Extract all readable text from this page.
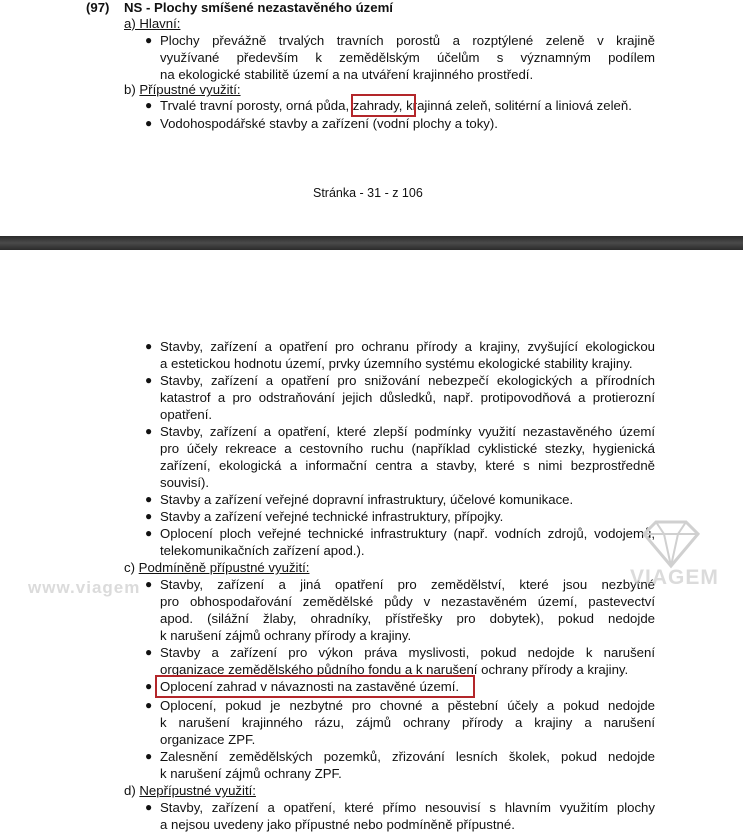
(97) NS - Plochy smíšené nezastavěného území
a) Hlavní:
● Plochy převážně trvalých travních porostů a rozptýlené zeleně v krajině
využívané především k zemědělským účelům s významným podílem
na ekologické stabilitě území a na utváření krajinného prostředí.
b) Přípustné využití:
● Trvalé travní porosty, orná půda, zahrady, krajinná zeleň, solitérní a liniová zeleň.
● Vodohospodářské stavby a zařízení (vodní plochy a toky).
Stránka - 31 - z 106
● Stavby, zařízení a opatření pro ochranu přírody a krajiny, zvyšující ekologickou
a estetickou hodnotu území, prvky územního systému ekologické stability krajiny.
● Stavby, zařízení a opatření pro snižování nebezpečí ekologických a přírodních
katastrof a pro odstraňování jejich důsledků, např. protipovodňová a protierozní
opatření.
● Stavby, zařízení a opatření, které zlepší podmínky využití nezastavěného území
pro účely rekreace a cestovního ruchu (například cyklistické stezky, hygienická
zařízení, ekologická a informační centra a stavby, které s nimi bezprostředně
souvisí).
● Stavby a zařízení veřejné dopravní infrastruktury, účelové komunikace.
● Stavby a zařízení veřejné technické infrastruktury, přípojky.
● Oplocení ploch veřejné technické infrastruktury (např. vodních zdrojů, vodojemů,
telekomunikačních zařízení apod.).
c) Podmíněně přípustné využití:
● Stavby, zařízení a jiná opatření pro zemědělství, které jsou nezbytné
pro obhospodařování zemědělské půdy v nezastavěném území, pastevectví
apod. (silážní žlaby, ohradníky, přístřešky pro dobytek), pokud nedojde
k narušení zájmů ochrany přírody a krajiny.
● Stavby a zařízení pro výkon práva myslivosti, pokud nedojde k narušení
organizace zemědělského půdního fondu a k narušení ochrany přírody a krajiny.
● Oplocení zahrad v návaznosti na zastavěné území.
● Oplocení, pokud je nezbytné pro chovné a pěstební účely a pokud nedojde
k narušení krajinného rázu, zájmů ochrany přírody a krajiny a narušení
organizace ZPF.
● Zalesnění zemědělských pozemků, zřizování lesních školek, pokud nedojde
k narušení zájmů ochrany ZPF.
d) Nepřípustné využití:
● Stavby, zařízení a opatření, které přímo nesouvisí s hlavním využitím plochy
a nejsou uvedeny jako přípustné nebo podmíněně přípustné.
www.viagem	VIAGEM
